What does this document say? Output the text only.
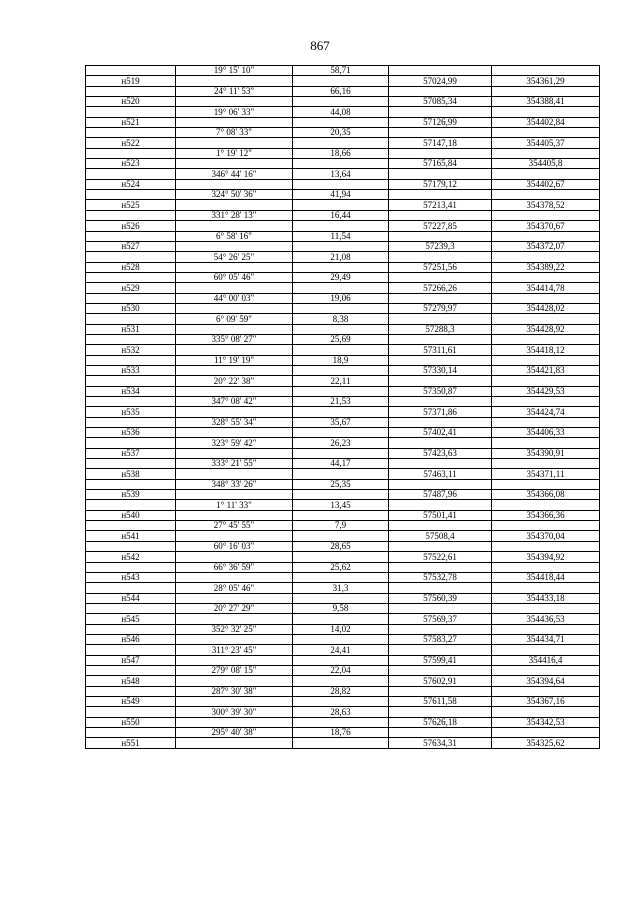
867
	19° 15' 10"	58,71		
н519			57024,99	354361,29
	24° 11' 53"	66,16		
н520			57085,34	354388,41
	19° 06' 33"	44,08		
н521			57126,99	354402,84
	7° 08' 33"	20,35		
н522			57147,18	354405,37
	1° 19' 12"	18,66		
н523			57165,84	354405,8
	346° 44' 16"	13,64		
н524			57179,12	354402,67
	324° 50' 36"	41,94		
н525			57213,41	354378,52
	331° 28' 13"	16,44		
н526			57227,85	354370,67
	6° 58' 16"	11,54		
н527			57239,3	354372,07
	54° 26' 25"	21,08		
н528			57251,56	354389,22
	60° 05' 46"	29,49		
н529			57266,26	354414,78
	44° 00' 03"	19,06		
н530			57279,97	354428,02
	6° 09' 59"	8,38		
н531			57288,3	354428,92
	335° 08' 27"	25,69		
н532			57311,61	354418,12
	11° 19' 19"	18,9		
н533			57330,14	354421,83
	20° 22' 38"	22,11		
н534			57350,87	354429,53
	347° 08' 42"	21,53		
н535			57371,86	354424,74
	328° 55' 34"	35,67		
н536			57402,41	354406,33
	323° 59' 42"	26,23		
н537			57423,63	354390,91
	333° 21' 55"	44,17		
н538			57463,11	354371,11
	348° 33' 26"	25,35		
н539			57487,96	354366,08
	1° 11' 33"	13,45		
н540			57501,41	354366,36
	27° 45' 55"	7,9		
н541			57508,4	354370,04
	60° 16' 03"	28,65		
н542			57522,61	354394,92
	66° 36' 59"	25,62		
н543			57532,78	354418,44
	28° 05' 46"	31,3		
н544			57560,39	354433,18
	20° 27' 29"	9,58		
н545			57569,37	354436,53
	352° 32' 25"	14,02		
н546			57583,27	354434,71
	311° 23' 45"	24,41		
н547			57599,41	354416,4
	279° 08' 15"	22,04		
н548			57602,91	354394,64
	287° 30' 38"	28,82		
н549			57611,58	354367,16
	300° 39' 30"	28,63		
н550			57626,18	354342,53
	295° 40' 38"	18,76		
н551			57634,31	354325,62
